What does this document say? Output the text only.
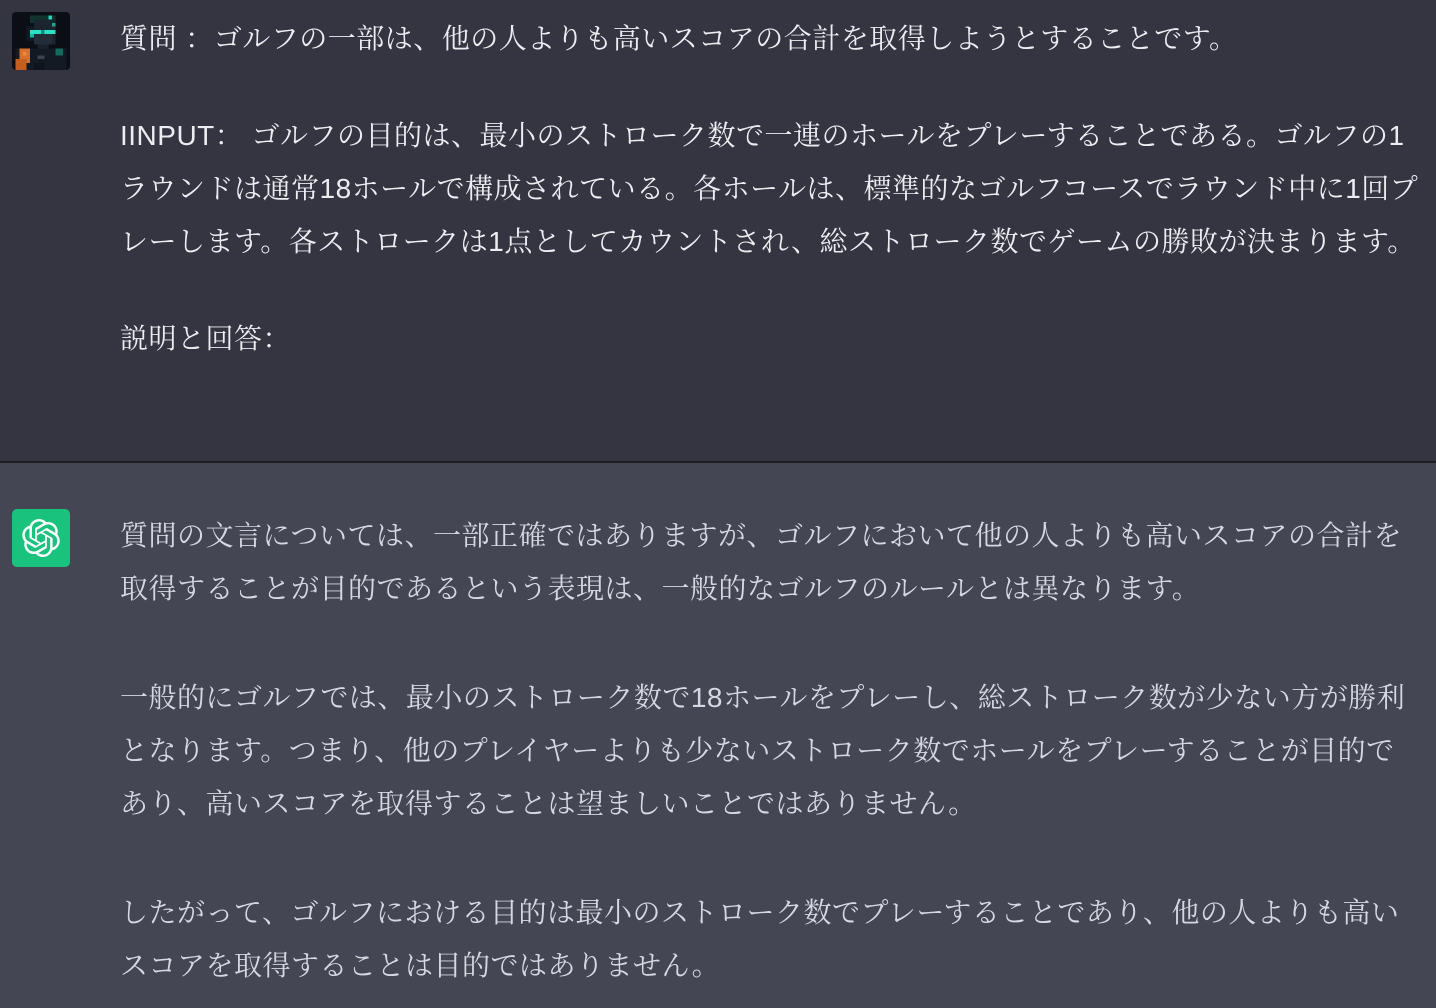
質問 ：ゴルフの一部は、他の人よりも高いスコアの合計を取得しようとすることです。

IINPUT： ゴルフの目的は、最小のストローク数で一連のホールをプレーすることである。ゴルフの1ラウンドは通常18ホールで構成されている。各ホールは、標準的なゴルフコースでラウンド中に1回プレーします。各ストロークは1点としてカウントされ、総ストローク数でゲームの勝敗が決まります。

説明と回答：

質問の文言については、一部正確ではありますが、ゴルフにおいて他の人よりも高いスコアの合計を取得することが目的であるという表現は、一般的なゴルフのルールとは異なります。

一般的にゴルフでは、最小のストローク数で18ホールをプレーし、総ストローク数が少ない方が勝利となります。つまり、他のプレイヤーよりも少ないストローク数でホールをプレーすることが目的であり、高いスコアを取得することは望ましいことではありません。

したがって、ゴルフにおける目的は最小のストローク数でプレーすることであり、他の人よりも高いスコアを取得することは目的ではありません。
